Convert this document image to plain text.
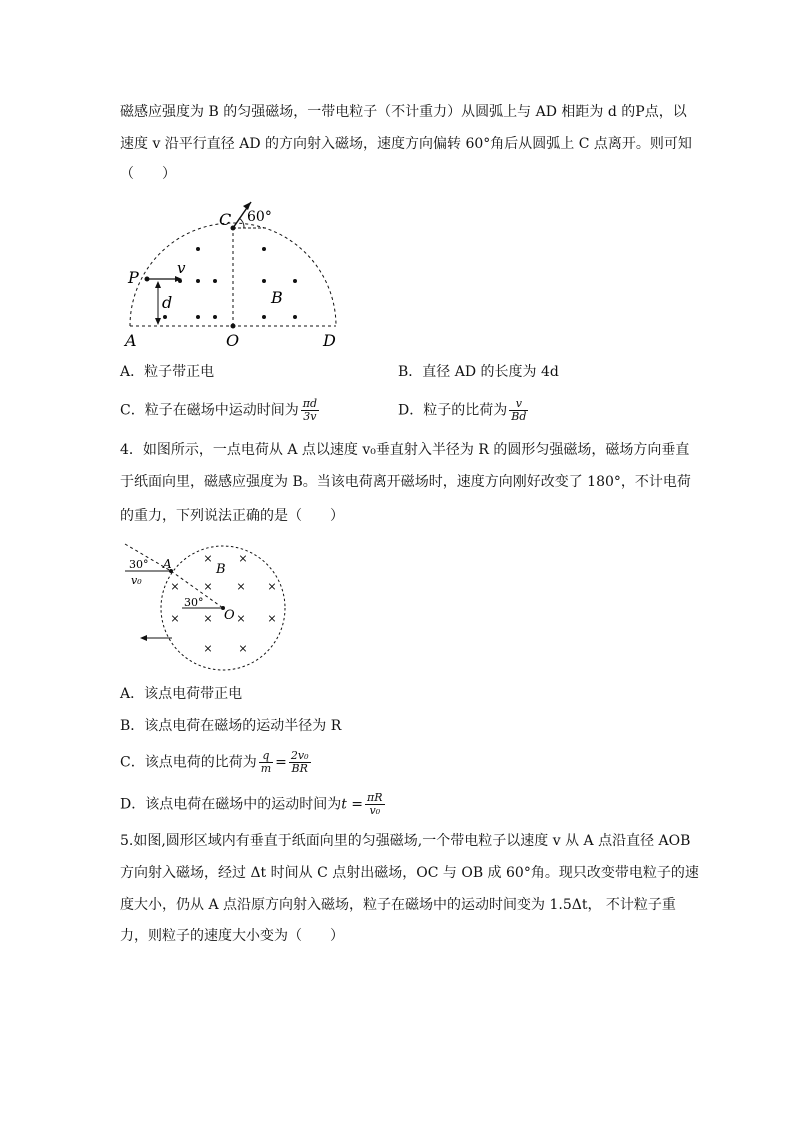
磁感应强度为 B 的匀强磁场，一带电粒子（不计重力）从圆弧上与 AD 相距为 d 的P点，以
速度 v 沿平行直径 AD 的方向射入磁场，速度方向偏转 60°角后从圆弧上 C 点离开。则可知
（　　）
C 60°
P	v
d	B
A	O	D
A．粒子带正电	B．直径 AD 的长度为 4d
C．粒子在磁场中运动时间为 $\frac{\pi d}{3v}$	D．粒子的比荷为 $\frac{v}{Bd}$
4．如图所示，一点电荷从 A 点以速度 v₀垂直射入半径为 R 的圆形匀强磁场，磁场方向垂直
于纸面向里，磁感应强度为 B。当该电荷离开磁场时，速度方向刚好改变了 180°，不计电荷
的重力，下列说法正确的是（　　）
× ×
× × × ×
× × × ×
× ×
30°
v₀
A	B
30°
O
A．该点电荷带正电
B．该点电荷在磁场的运动半径为 R
C．该点电荷的比荷为 $\frac{q}{m} = \frac{\text{2v₀}}{BR}$
D．该点电荷在磁场中的运动时间为$t = \frac{\pi R}{\text{v₀}}$
5.如图,圆形区域内有垂直于纸面向里的匀强磁场,一个带电粒子以速度 v 从 A 点沿直径 AOB
方向射入磁场，经过 Δt 时间从 C 点射出磁场，OC 与 OB 成 60°角。现只改变带电粒子的速
度大小，仍从 A 点沿原方向射入磁场，粒子在磁场中的运动时间变为 1.5Δt， 不计粒子重
力，则粒子的速度大小变为（　　）
